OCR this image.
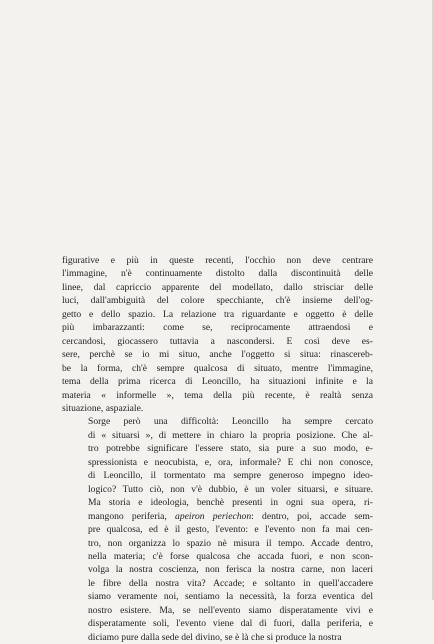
figurative e più in queste recenti, l'occhio non deve centrare
l'immagine, n'è continuamente distolto dalla discontinuità delle
linee, dal capriccio apparente del modellato, dallo strisciar delle
luci, dall'ambiguità del colore specchiante, ch'è insieme dell'og-
getto e dello spazio. La relazione tra riguardante e oggetto è delle
più imbarazzanti: come se, reciprocamente attraendosi e
cercandosi, giocassero tuttavia a nascondersi. E così deve es-
sere, perchè se io mi situo, anche l'oggetto si situa: rinascereb-
be la forma, ch'è sempre qualcosa di situato, mentre l'immagine,
tema della prima ricerca di Leoncillo, ha situazioni infinite e la
materia « informelle », tema della più recente, è realtà senza
situazione, aspaziale.

Sorge però una difficoltà: Leoncillo ha sempre cercato
di « situarsi », di mettere in chiaro la propria posizione. Che al-
tro potrebbe significare l'essere stato, sia pure a suo modo, e-
spressionista e neocubista, e, ora, informale? E chi non conosce,
di Leoncillo, il tormentato ma sempre generoso impegno ideo-
logico? Tutto ciò, non v'è dubbio, è un voler situarsi, e situare.
Ma storia e ideologia, benchè presenti in ogni sua opera, ri-
mangono periferia, apeiron periechon: dentro, poi, accade sem-
pre qualcosa, ed è il gesto, l'evento: e l'evento non fa mai cen-
tro, non organizza lo spazio nè misura il tempo. Accade dentro,
nella materia; c'è forse qualcosa che accada fuori, e non scon-
volga la nostra coscienza, non ferisca la nostra carne, non laceri
le fibre della nostra vita? Accade; e soltanto in quell'accadere
siamo veramente noi, sentiamo la necessità, la forza eventica del
nostro esistere. Ma, se nell'evento siamo disperatamente vivi e
disperatamente soli, l'evento viene dal di fuori, dalla periferia, e
diciamo pure dalla sede del divino, se è là che si produce la nostra
